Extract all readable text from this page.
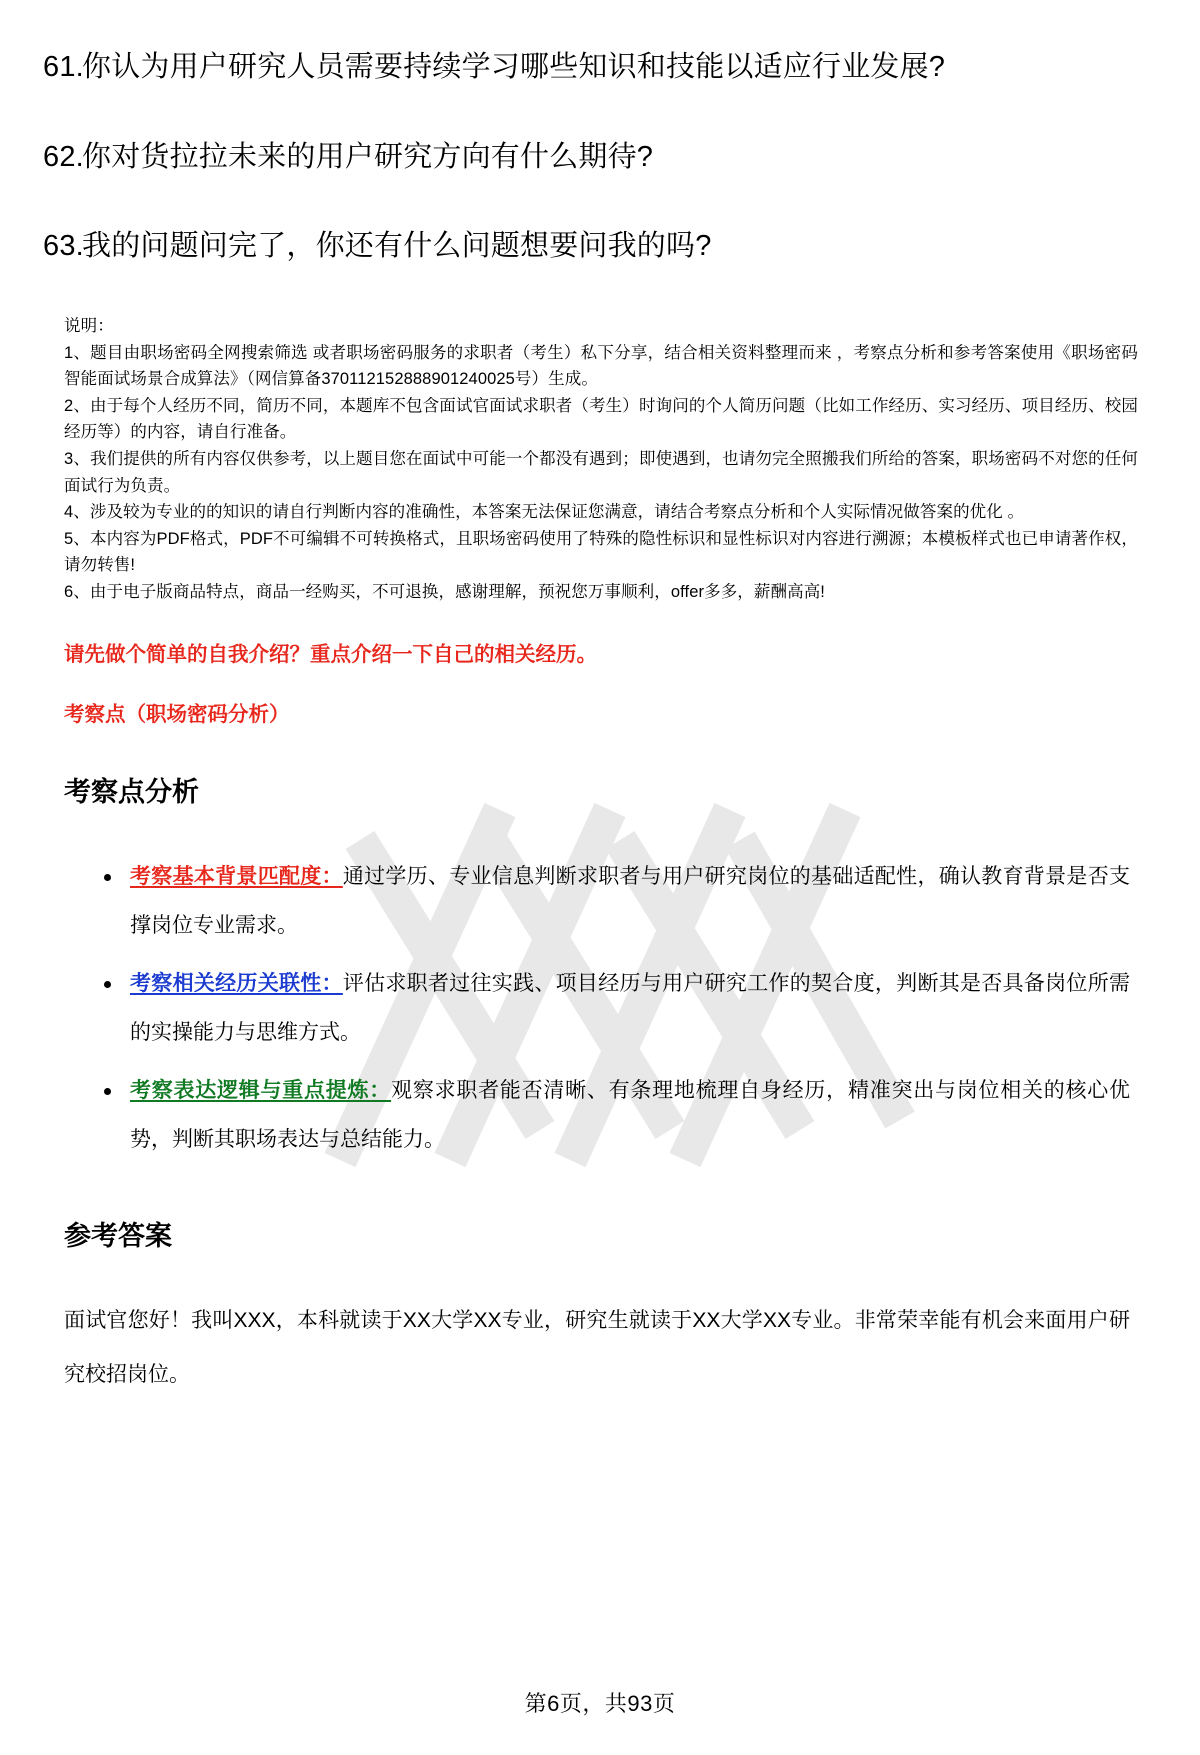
61.
你认为用户研究人员需要持续学习哪些知识和技能以适应行业发展?
62.
你对货拉拉未来的用户研究方向有什么期待?
63.
我的问题问完了，你还有什么问题想要问我的吗?

说明：

1、题目由职场密码全网搜索筛选 或者职场密码服务的求职者（考生）私下分享，结合相关资料整理而来 ，考察点分析和参考答案使用《职场密码智能面试场景合成算法》（网信算备370112152888901240025号）生成。

2、由于每个人经历不同，简历不同，本题库不包含面试官面试求职者（考生）时询问的个人简历问题（比如工作经历、实习经历、项目经历、校园经历等）的内容，请自行准备。

3、我们提供的所有内容仅供参考，以上题目您在面试中可能一个都没有遇到；即使遇到，也请勿完全照搬我们所给的答案，职场密码不对您的任何面试行为负责。

4、涉及较为专业的的知识的请自行判断内容的准确性，本答案无法保证您满意，请结合考察点分析和个人实际情况做答案的优化 。

5、本内容为PDF格式，PDF不可编辑不可转换格式，且职场密码使用了特殊的隐性标识和显性标识对内容进行溯源；本模板样式也已申请著作权，请勿转售!

6、由于电子版商品特点，商品一经购买，不可退换，感谢理解，预祝您万事顺利，offer多多，薪酬高高!

请先做个简单的自我介绍？重点介绍一下自己的相关经历。
考察点（职场密码分析）
考察点分析
考察基本背景匹配度：通过学历、专业信息判断求职者与用户研究岗位的基础适配性，确认教育背景是否支撑岗位专业需求。
考察相关经历关联性：评估求职者过往实践、项目经历与用户研究工作的契合度，判断其是否具备岗位所需的实操能力与思维方式。
考察表达逻辑与重点提炼：观察求职者能否清晰、有条理地梳理自身经历，精准突出与岗位相关的核心优势，判断其职场表达与总结能力。
参考答案
面试官您好！我叫XXX，本科就读于XX大学XX专业，研究生就读于XX大学XX专业。非常荣幸能有机会来面用户研究校招岗位。
第6页，共93页
